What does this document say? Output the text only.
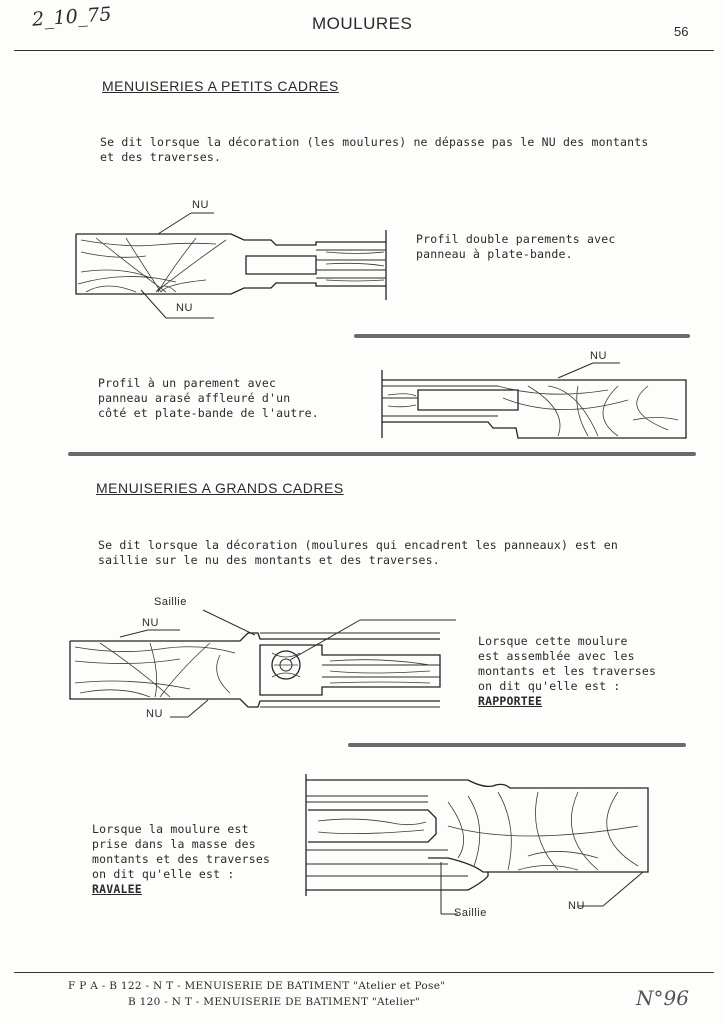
2_10_75	MOULURES	56
MENUISERIES A PETITS CADRES
Se dit lorsque la décoration (les moulures) ne dépasse pas le NU des montants
et des traverses.
NU
NU
Profil double parements avec
panneau à plate-bande.
NU
Profil à un parement avec
panneau arasé affleuré d'un
côté et plate-bande de l'autre.
MENUISERIES A GRANDS CADRES
Se dit lorsque la décoration (moulures qui encadrent les panneaux) est en
saillie sur le nu des montants et des traverses.
Saillie
NU
NU
Lorsque cette moulure
est assemblée avec les
montants et les traverses
on dit qu'elle est :
RAPPORTEE
Saillie
NU
Lorsque la moulure est
prise dans la masse des
montants et des traverses
on dit qu'elle est :
RAVALEE
F P A - B 122 - N T - MENUISERIE DE BATIMENT "Atelier et Pose"
B 120 - N T - MENUISERIE DE BATIMENT "Atelier"	N°96
